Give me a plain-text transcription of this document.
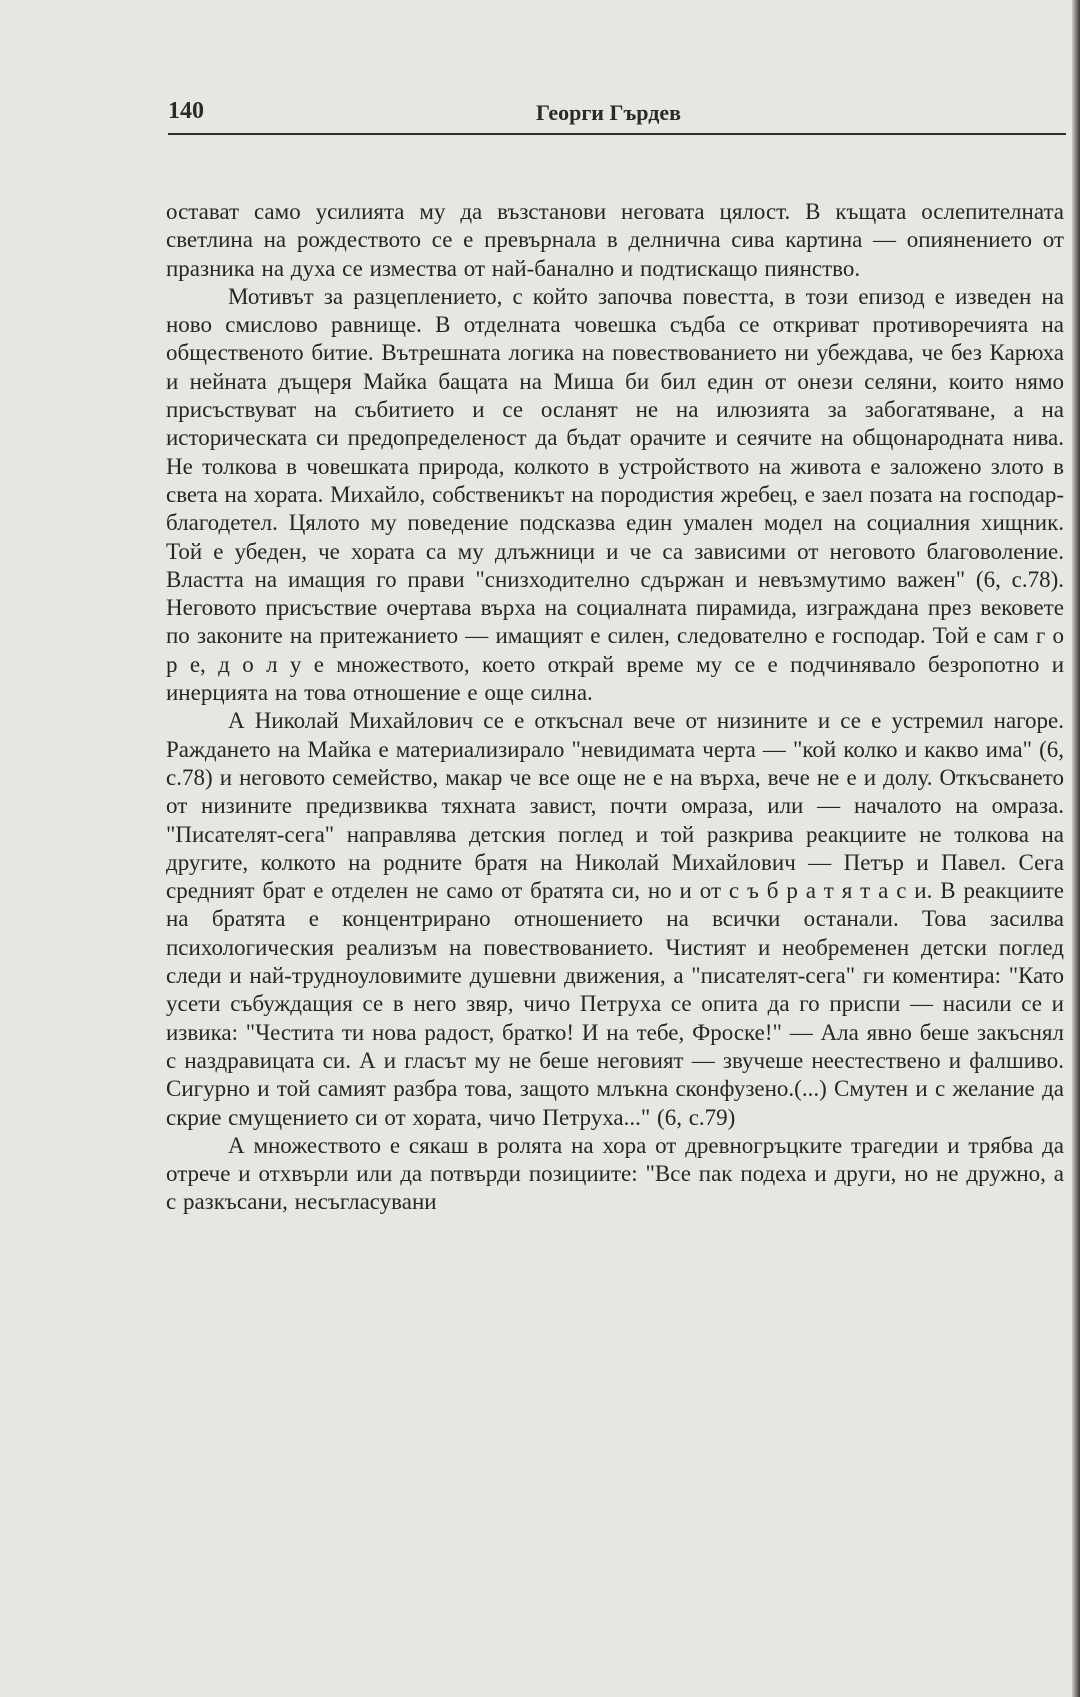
140	Георги Гърдев

остават само усилията му да възстанови неговата цялост. В къщата ослепителната светлина на рождеството се е превърнала в делнична сива картина — опиянението от празника на духа се измества от най-банално и подтискащо пиянство.

Мотивът за разцеплението, с който започва повестта, в този епизод е изведен на ново смислово равнище. В отделната човешка съдба се откриват противоречията на общественото битие. Вътрешната логика на повествованието ни убеждава, че без Карюха и нейната дъщеря Майка бащата на Миша би бил един от онези селяни, които нямо присъствуват на събитието и се осланят не на илюзията за забогатяване, а на историческата си предопределеност да бъдат орачите и сеячите на общонародната нива. Не толкова в човешката природа, колкото в устройството на живота е заложено злото в света на хората. Михайло, собственикът на породистия жребец, е заел позата на господар-благодетел. Цялото му поведение подсказва един умален модел на социалния хищник. Той е убеден, че хората са му длъжници и че са зависими от неговото благоволение. Властта на имащия го прави "снизходително сдържан и невъзмутимо важен" (6, с.78). Неговото присъствие очертава върха на социалната пирамида, изграждана през вековете по законите на притежанието — имащият е силен, следователно е господар. Той е сам г о р е, д о л у е множеството, което открай време му се е подчинявало безропотно и инерцията на това отношение е още силна.

А Николай Михайлович се е откъснал вече от низините и се е устремил нагоре. Раждането на Майка е материализирало "невидимата черта — "кой колко и какво има" (6, с.78) и неговото семейство, макар че все още не е на върха, вече не е и долу. Откъсването от низините предизвиква тяхната завист, почти омраза, или — началото на омраза. "Писателят-сега" направлява детския поглед и той разкрива реакциите не толкова на другите, колкото на родните братя на Николай Михайлович — Петър и Павел. Сега средният брат е отделен не само от братята си, но и от с ъ б р а т я т а с и. В реакциите на братята е концентрирано отношението на всички останали. Това засилва психологическия реализъм на повествованието. Чистият и необременен детски поглед следи и най-трудноуловимите душевни движения, а "писателят-сега" ги коментира: "Като усети събуждащия се в него звяр, чичо Петруха се опита да го приспи — насили се и извика: "Честита ти нова радост, братко! И на тебе, Фроске!" — Ала явно беше закъснял с наздравицата си. А и гласът му не беше неговият — звучеше неестествено и фалшиво. Сигурно и той самият разбра това, защото млъкна сконфузено.(...) Смутен и с желание да скрие смущението си от хората, чичо Петруха..." (6, с.79)

А множеството е сякаш в ролята на хора от древногръцките трагедии и трябва да отрече и отхвърли или да потвърди позициите: "Все пак подеха и други, но не дружно, а с разкъсани, несъгласувани
